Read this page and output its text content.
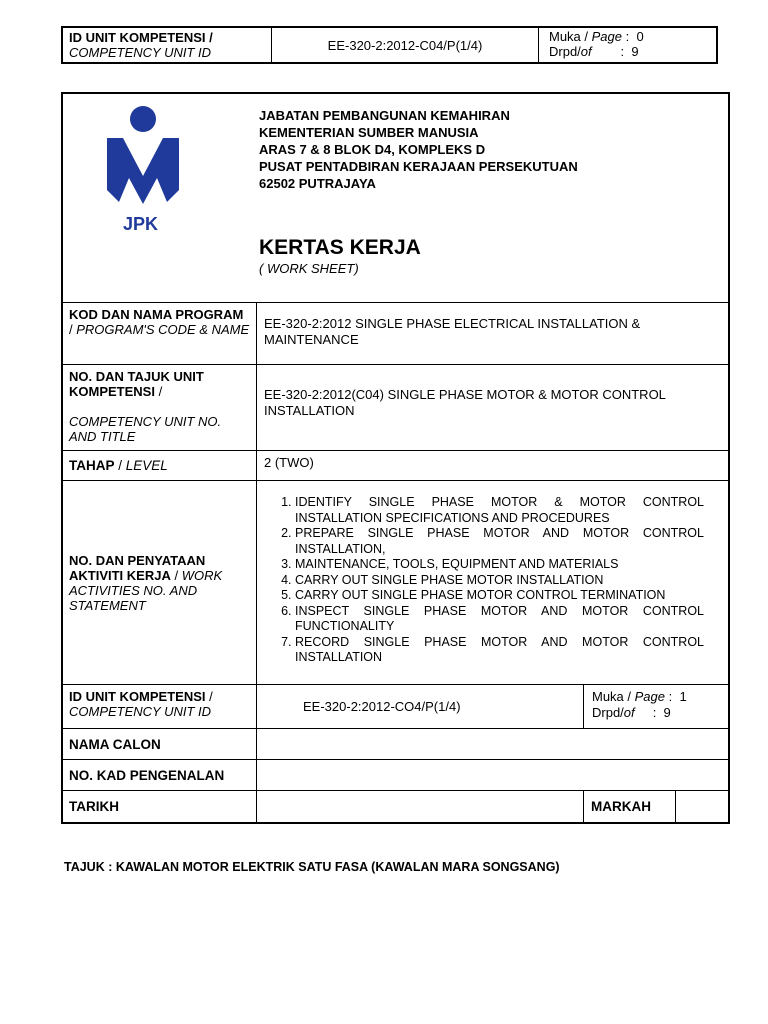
ID UNIT KOMPETENSI /
COMPETENCY UNIT ID	EE-320-2:2012-C04/P(1/4)	Muka / Page :  0
Drpd/of        :  9
JPK
JABATAN PEMBANGUNAN KEMAHIRAN
KEMENTERIAN SUMBER MANUSIA
ARAS 7 & 8 BLOK D4, KOMPLEKS D
PUSAT PENTADBIRAN KERAJAAN PERSEKUTUAN
62502 PUTRAJAYA
KERTAS KERJA
( WORK SHEET)

KOD DAN NAMA PROGRAM / PROGRAM'S CODE & NAME	EE-320-2:2012 SINGLE PHASE ELECTRICAL INSTALLATION & MAINTENANCE
NO. DAN TAJUK UNIT KOMPETENSI /

COMPETENCY UNIT NO. AND TITLE	EE-320-2:2012(C04) SINGLE PHASE MOTOR & MOTOR CONTROL INSTALLATION
TAHAP / LEVEL	2 (TWO)
NO. DAN PENYATAAN AKTIVITI KERJA / WORK ACTIVITIES NO. AND STATEMENT	
1. IDENTIFY SINGLE PHASE MOTOR & MOTOR CONTROL INSTALLATION SPECIFICATIONS AND PROCEDURES
2. PREPARE SINGLE PHASE MOTOR AND MOTOR CONTROL INSTALLATION,
3. MAINTENANCE, TOOLS, EQUIPMENT AND MATERIALS
4. CARRY OUT SINGLE PHASE MOTOR INSTALLATION
5. CARRY OUT SINGLE PHASE MOTOR CONTROL TERMINATION
6. INSPECT SINGLE PHASE MOTOR AND MOTOR CONTROL FUNCTIONALITY
7. RECORD SINGLE PHASE MOTOR AND MOTOR CONTROL INSTALLATION

ID UNIT KOMPETENSI /
COMPETENCY UNIT ID	EE-320-2:2012-CO4/P(1/4)	Muka / Page :  1
Drpd/of     :  9
NAMA CALON	
NO. KAD PENGENALAN	
TARIKH			MARKAH	
TAJUK : KAWALAN MOTOR ELEKTRIK SATU FASA (KAWALAN MARA SONGSANG)
